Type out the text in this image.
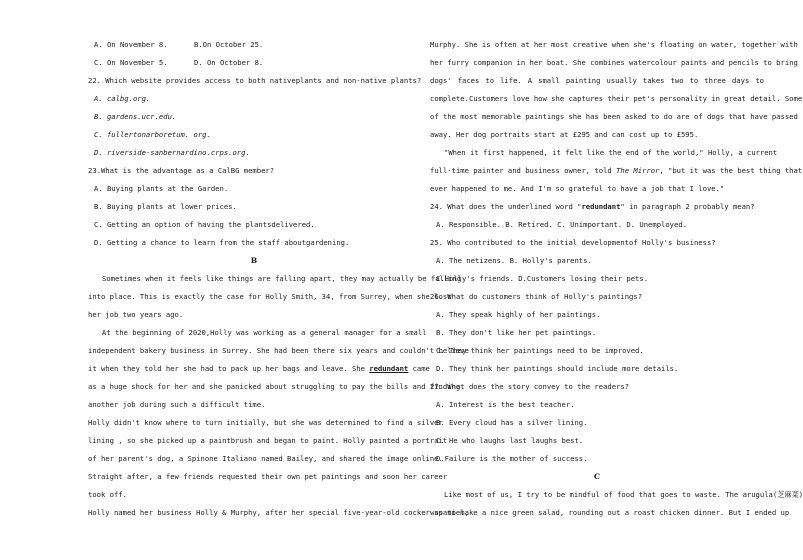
A. On November 8.	B.On October 25.
C. On November 5.	D. On October 8.
22. Which website provides access to both nativeplants and non-native plants?
A. calbg.org.
B. gardens.ucr.edu.
C. fullertonarboretum. org.
D. riverside-sanbernardino.crps.org.
23.What is the advantage as a CalBG member?
A. Buying plants at the Garden.
B. Buying plants at lower prices.
C. Getting an option of having the plantsdelivered.
D. Getting a chance to learn from the staff aboutgardening.
B
Sometimes when it feels like things are falling apart, they may actually be falling
into place. This is exactly the case for Holly Smith, 34, from Surrey, when she lost
her job two years ago.
At the beginning of 2020,Holly was working as a general manager for a small
independent bakery business in Surrey. She had been there six years and couldn't believe
it when they told her she had to pack up her bags and leave. She redundant came
as a huge shock for her and she panicked about struggling to pay the bills and finding
another job during such a difficult time.
Holly didn't know where to turn initially, but she was determined to find a silver
lining , so she picked up a paintbrush and began to paint. Holly painted a portrait
of her parent's dog, a Spinone Italiano named Bailey, and shared the image online.
Straight after, a few friends requested their own pet paintings and soon her career
took off.
Holly named her business Holly & Murphy, after her special five-year-old cocker spaniel,
Murphy. She is often at her most creative when she's floating on water, together with
her furry companion in her boat. She combines watercolour paints and pencils to bring
dogs' faces to life. A small painting usually takes two to three days to
complete.Customers love how she captures their pet's personality in great detail. Some
of the most memorable paintings she has been asked to do are of dogs that have passed
away. Her dog portraits start at £295 and can cost up to £595.
"When it first happened, it felt like the end of the world," Holly, a current
full-time painter and business owner, told The Mirror, "but it was the best thing that
ever happened to me. And I'm so grateful to have a job that I love."
24. What does the underlined word "redundant" in paragraph 2 probably mean?
A. Responsible. B. Retired. C. Unimportant. D. Unemployed.
25. Who contributed to the initial developmentof Holly's business?
A. The netizens. B. Holly's parents.
C.Holly's friends. D.Customers losing their pets.
26. What do customers think of Holly's paintings?
A. They speak highly of her paintings.
B. They don't like her pet paintings.
C. They think her paintings need to be improved.
D. They think her paintings should include more details.
27. What does the story convey to the readers?
A. Interest is the best teacher.
B. Every cloud has a silver lining.
C. He who laughs last laughs best.
D.Failure is the mother of success.
C
Like most of us, I try to be mindful of food that goes to waste. The arugula(芝麻菜)
was to make a nice green salad, rounding out a roast chicken dinner. But I ended up
